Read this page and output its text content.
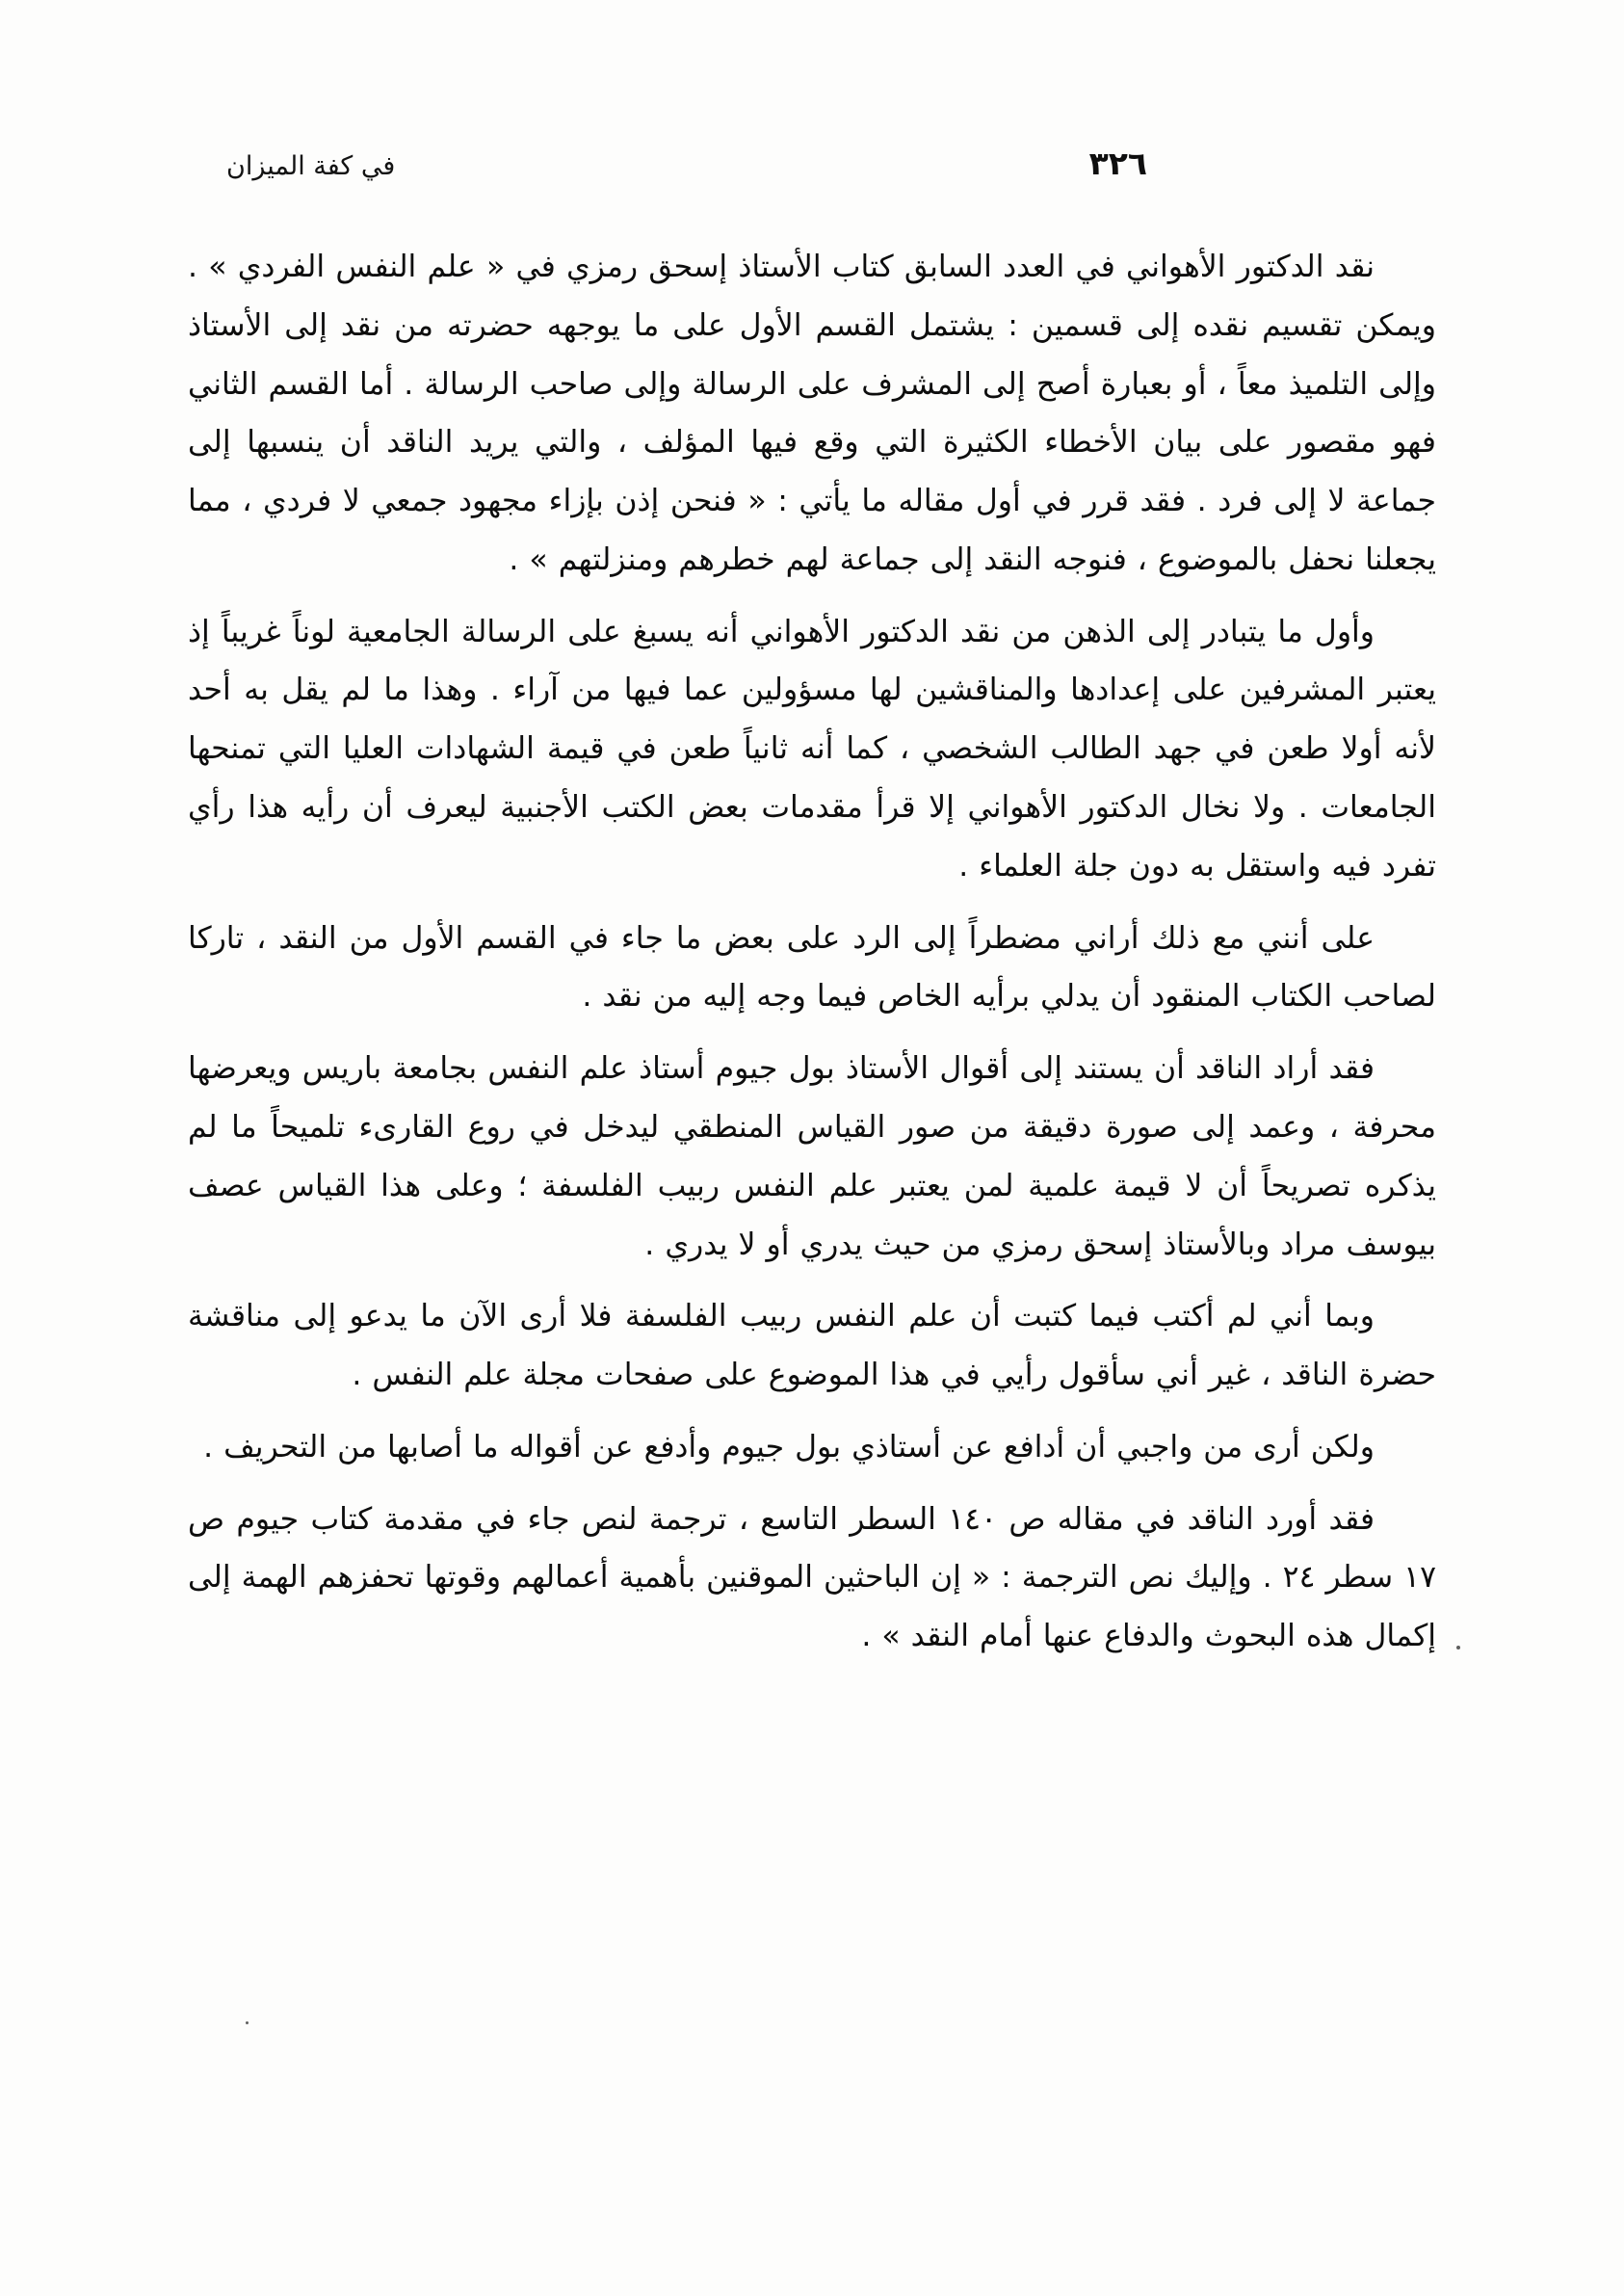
٣٢٦
في كفة الميزان

نقد الدكتور الأهواني في العدد السابق كتاب الأستاذ إسحق رمزي في « علم النفس الفردي » . ويمكن تقسيم نقده إلى قسمين : يشتمل القسم الأول على ما يوجهه حضرته من نقد إلى الأستاذ وإلى التلميذ معاً ، أو بعبارة أصح إلى المشرف على الرسالة وإلى صاحب الرسالة . أما القسم الثاني فهو مقصور على بيان الأخطاء الكثيرة التي وقع فيها المؤلف ، والتي يريد الناقد أن ينسبها إلى جماعة لا إلى فرد . فقد قرر في أول مقاله ما يأتي : « فنحن إذن بإزاء مجهود جمعي لا فردي ، مما يجعلنا نحفل بالموضوع ، فنوجه النقد إلى جماعة لهم خطرهم ومنزلتهم » .

وأول ما يتبادر إلى الذهن من نقد الدكتور الأهواني أنه يسبغ على الرسالة الجامعية لوناً غريباً إذ يعتبر المشرفين على إعدادها والمناقشين لها مسؤولين عما فيها من آراء . وهذا ما لم يقل به أحد لأنه أولا طعن في جهد الطالب الشخصي ، كما أنه ثانياً طعن في قيمة الشهادات العليا التي تمنحها الجامعات . ولا نخال الدكتور الأهواني إلا قرأ مقدمات بعض الكتب الأجنبية ليعرف أن رأيه هذا رأي تفرد فيه واستقل به دون جلة العلماء .

على أنني مع ذلك أراني مضطراً إلى الرد على بعض ما جاء في القسم الأول من النقد ، تاركا لصاحب الكتاب المنقود أن يدلي برأيه الخاص فيما وجه إليه من نقد .

فقد أراد الناقد أن يستند إلى أقوال الأستاذ بول جيوم أستاذ علم النفس بجامعة باريس ويعرضها محرفة ، وعمد إلى صورة دقيقة من صور القياس المنطقي ليدخل في روع القارىء تلميحاً ما لم يذكره تصريحاً أن لا قيمة علمية لمن يعتبر علم النفس ربيب الفلسفة ؛ وعلى هذا القياس عصف بيوسف مراد وبالأستاذ إسحق رمزي من حيث يدري أو لا يدري .

وبما أني لم أكتب فيما كتبت أن علم النفس ربيب الفلسفة فلا أرى الآن ما يدعو إلى مناقشة حضرة الناقد ، غير أني سأقول رأيي في هذا الموضوع على صفحات مجلة علم النفس .

ولكن أرى من واجبي أن أدافع عن أستاذي بول جيوم وأدفع عن أقواله ما أصابها من التحريف .

فقد أورد الناقد في مقاله ص ١٤٠ السطر التاسع ، ترجمة لنص جاء في مقدمة كتاب جيوم ص ١٧ سطر ٢٤ . وإليك نص الترجمة : « إن الباحثين الموقنين بأهمية أعمالهم وقوتها تحفزهم الهمة إلى إكمال هذه البحوث والدفاع عنها أمام النقد » .
